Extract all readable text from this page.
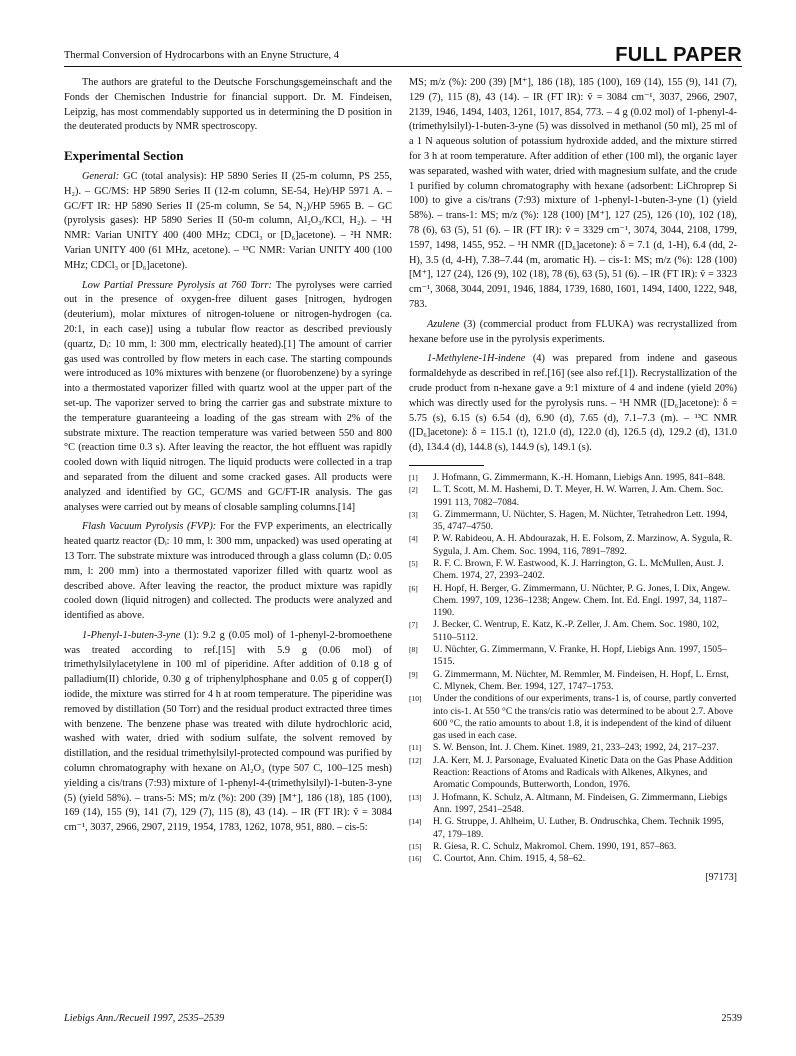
Thermal Conversion of Hydrocarbons with an Enyne Structure, 4	FULL PAPER

The authors are grateful to the Deutsche Forschungsgemeinschaft and the Fonds der Chemischen Industrie for financial support. Dr. M. Findeisen, Leipzig, has most commendably supported us in determining the D position in the deuterated products by NMR spectroscopy.

Experimental Section

General: GC (total analysis): HP 5890 Series II (25-m column, PS 255, H₂). – GC/MS: HP 5890 Series II (12-m column, SE-54, He)/HP 5971 A. – GC/FT IR: HP 5890 Series II (25-m column, Se 54, N₂)/HP 5965 B. – GC (pyrolysis gases): HP 5890 Series II (50-m column, Al₂O₃/KCl, H₂). – ¹H NMR: Varian UNITY 400 (400 MHz; CDCl₃ or [D₆]acetone). – ²H NMR: Varian UNITY 400 (61 MHz, acetone). – ¹³C NMR: Varian UNITY 400 (100 MHz; CDCl₃ or [D₆]acetone).

Low Partial Pressure Pyrolysis at 760 Torr: The pyrolyses were carried out in the presence of oxygen-free diluent gases [nitrogen, hydrogen (deuterium), molar mixtures of nitrogen-toluene or nitrogen-hydrogen (ca. 20:1, in each case)] using a tubular flow reactor as described previously (quartz, Dᵢ: 10 mm, l: 300 mm, electrically heated).[1] The amount of carrier gas used was controlled by flow meters in each case. The starting compounds were introduced as 10% mixtures with benzene (or fluorobenzene) by a syringe into a thermostated vaporizer filled with quartz wool at the upper part of the set-up. The vaporizer served to bring the carrier gas and substrate mixture to the temperature guaranteeing a loading of the gas stream with 2% of the substrate mixture. The reaction temperature was varied between 550 and 800 °C (reaction time 0.3 s). After leaving the reactor, the hot effluent was rapidly cooled down with liquid nitrogen. The liquid products were collected in a trap and separated from the diluent and some cracked gases. All products were analyzed and identified by GC, GC/MS and GC/FT-IR analysis. The gas analyses were carried out by means of closable sampling columns.[14]

Flash Vacuum Pyrolysis (FVP): For the FVP experiments, an electrically heated quartz reactor (Dᵢ: 10 mm, l: 300 mm, unpacked) was used operating at 13 Torr. The substrate mixture was introduced through a glass column (Dᵢ: 0.05 mm, l: 200 mm) into a thermostated vaporizer filled with quartz wool as described above. After leaving the reactor, the product mixture was rapidly cooled down (liquid nitrogen) and collected. The products were analyzed and identified as above.

1-Phenyl-1-buten-3-yne (1): 9.2 g (0.05 mol) of 1-phenyl-2-bromoethene was treated according to ref.[15] with 5.9 g (0.06 mol) of trimethylsilylacetylene in 100 ml of piperidine. After addition of 0.18 g of palladium(II) chloride, 0.30 g of triphenylphosphane and 0.05 g of copper(I) iodide, the mixture was stirred for 4 h at room temperature. The piperidine was removed by distillation (50 Torr) and the residual product extracted three times with benzene. The benzene phase was treated with dilute hydrochloric acid, washed with water, dried with sodium sulfate, the solvent removed by distillation, and the residual trimethylsilyl-protected compound was purified by column chromatography with hexane on Al₂O₃ (type 507 C, 100–125 mesh) yielding a cis/trans (7:93) mixture of 1-phenyl-4-(trimethylsilyl)-1-buten-3-yne (5) (yield 58%). – trans-5: MS; m/z (%): 200 (39) [M⁺], 186 (18), 185 (100), 169 (14), 155 (9), 141 (7), 129 (7), 115 (8), 43 (14). – IR (FT IR): ṽ = 3084 cm⁻¹, 3037, 2966, 2907, 2119, 1954, 1783, 1262, 1078, 951, 880. – cis-5:

MS; m/z (%): 200 (39) [M⁺], 186 (18), 185 (100), 169 (14), 155 (9), 141 (7), 129 (7), 115 (8), 43 (14). – IR (FT IR): ṽ = 3084 cm⁻¹, 3037, 2966, 2907, 2139, 1946, 1494, 1403, 1261, 1017, 854, 773. – 4 g (0.02 mol) of 1-phenyl-4-(trimethylsilyl)-1-buten-3-yne (5) was dissolved in methanol (50 ml), 25 ml of a 1 N aqueous solution of potassium hydroxide added, and the mixture stirred for 3 h at room temperature. After addition of ether (100 ml), the organic layer was separated, washed with water, dried with magnesium sulfate, and the crude 1 purified by column chromatography with hexane (adsorbent: LiChroprep Si 100) to give a cis/trans (7:93) mixture of 1-phenyl-1-buten-3-yne (1) (yield 58%). – trans-1: MS; m/z (%): 128 (100) [M⁺], 127 (25), 126 (10), 102 (18), 78 (6), 63 (5), 51 (6). – IR (FT IR): ṽ = 3329 cm⁻¹, 3074, 3044, 2108, 1799, 1597, 1498, 1455, 952. – ¹H NMR ([D₆]acetone): δ = 7.1 (d, 1-H), 6.4 (dd, 2-H), 3.5 (d, 4-H), 7.38–7.44 (m, aromatic H). – cis-1: MS; m/z (%): 128 (100) [M⁺], 127 (24), 126 (9), 102 (18), 78 (6), 63 (5), 51 (6). – IR (FT IR): ṽ = 3323 cm⁻¹, 3068, 3044, 2091, 1946, 1884, 1739, 1680, 1601, 1494, 1400, 1222, 948, 783.

Azulene (3) (commercial product from FLUKA) was recrystallized from hexane before use in the pyrolysis experiments.

1-Methylene-1H-indene (4) was prepared from indene and gaseous formaldehyde as described in ref.[16] (see also ref.[1]). Recrystallization of the crude product from n-hexane gave a 9:1 mixture of 4 and indene (yield 20%) which was directly used for the pyrolysis runs. – ¹H NMR ([D₆]acetone): δ = 5.75 (s), 6.15 (s) 6.54 (d), 6.90 (d), 7.65 (d), 7.1–7.3 (m). – ¹³C NMR ([D₆]acetone): δ = 115.1 (t), 121.0 (d), 122.0 (d), 126.5 (d), 129.2 (d), 131.0 (d), 134.4 (d), 144.8 (s), 144.9 (s), 149.1 (s).

[1]	J. Hofmann, G. Zimmermann, K.-H. Homann, Liebigs Ann. 1995, 841–848.
[2]	L. T. Scott, M. M. Hashemi, D. T. Meyer, H. W. Warren, J. Am. Chem. Soc. 1991 113, 7082–7084.
[3]	G. Zimmermann, U. Nüchter, S. Hagen, M. Nüchter, Tetrahedron Lett. 1994, 35, 4747–4750.
[4]	P. W. Rabideou, A. H. Abdourazak, H. E. Folsom, Z. Marzinow, A. Sygula, R. Sygula, J. Am. Chem. Soc. 1994, 116, 7891–7892.
[5]	R. F. C. Brown, F. W. Eastwood, K. J. Harrington, G. L. McMullen, Aust. J. Chem. 1974, 27, 2393–2402.
[6]	H. Hopf, H. Berger, G. Zimmermann, U. Nüchter, P. G. Jones, I. Dix, Angew. Chem. 1997, 109, 1236–1238; Angew. Chem. Int. Ed. Engl. 1997, 34, 1187–1190.
[7]	J. Becker, C. Wentrup, E. Katz, K.-P. Zeller, J. Am. Chem. Soc. 1980, 102, 5110–5112.
[8]	U. Nüchter, G. Zimmermann, V. Franke, H. Hopf, Liebigs Ann. 1997, 1505–1515.
[9]	G. Zimmermann, M. Nüchter, M. Remmler, M. Findeisen, H. Hopf, L. Ernst, C. Mlynek, Chem. Ber. 1994, 127, 1747–1753.
[10]	Under the conditions of our experiments, trans-1 is, of course, partly converted into cis-1. At 550 °C the trans/cis ratio was determined to be about 2.7. Above 600 °C, the ratio amounts to about 1.8, it is independent of the kind of diluent gas used in each case.
[11]	S. W. Benson, Int. J. Chem. Kinet. 1989, 21, 233–243; 1992, 24, 217–237.
[12]	J.A. Kerr, M. J. Parsonage, Evaluated Kinetic Data on the Gas Phase Addition Reaction: Reactions of Atoms and Radicals with Alkenes, Alkynes, and Aromatic Compounds, Butterworth, London, 1976.
[13]	J. Hofmann, K. Schulz, A. Altmann, M. Findeisen, G. Zimmermann, Liebigs Ann. 1997, 2541–2548.
[14]	H. G. Struppe, J. Ahlheim, U. Luther, B. Ondruschka, Chem. Technik 1995, 47, 179–189.
[15]	R. Giesa, R. C. Schulz, Makromol. Chem. 1990, 191, 857–863.
[16]	C. Courtot, Ann. Chim. 1915, 4, 58–62.
[97173]
Liebigs Ann./Recueil 1997, 2535–2539	2539
